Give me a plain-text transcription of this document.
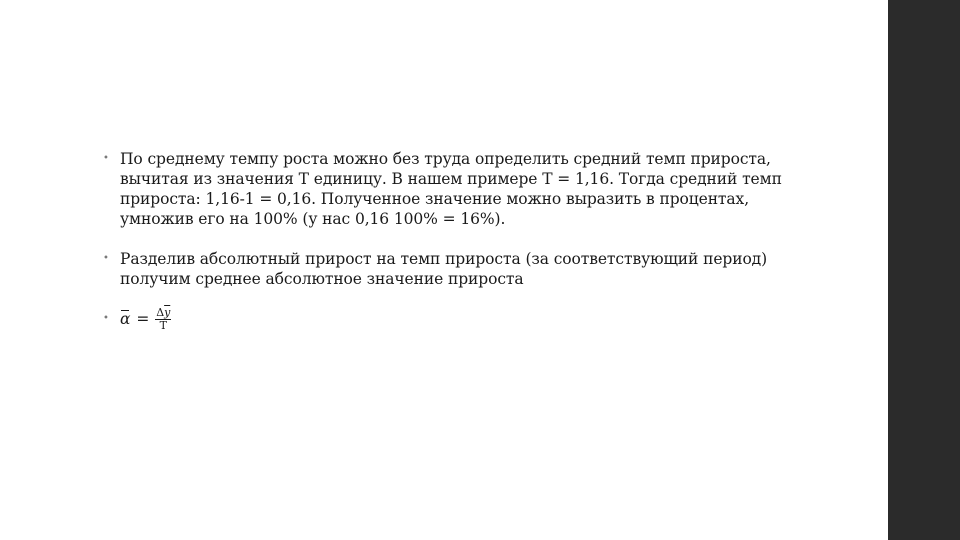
• По среднему темпу роста можно без труда определить средний темп прироста, вычитая из значения Т единицу. В нашем примере Т = 1,16. Тогда средний темп прироста: 1,16-1 = 0,16. Полученное значение можно выразить в процентах, умножив его на 100% (у нас 0,16 100% = 16%).
• Разделив абсолютный прирост на темп прироста (за соответствующий период) получим среднее абсолютное значение прироста
• $\alpha = \frac{\Delta\overline{y}}{T}$
